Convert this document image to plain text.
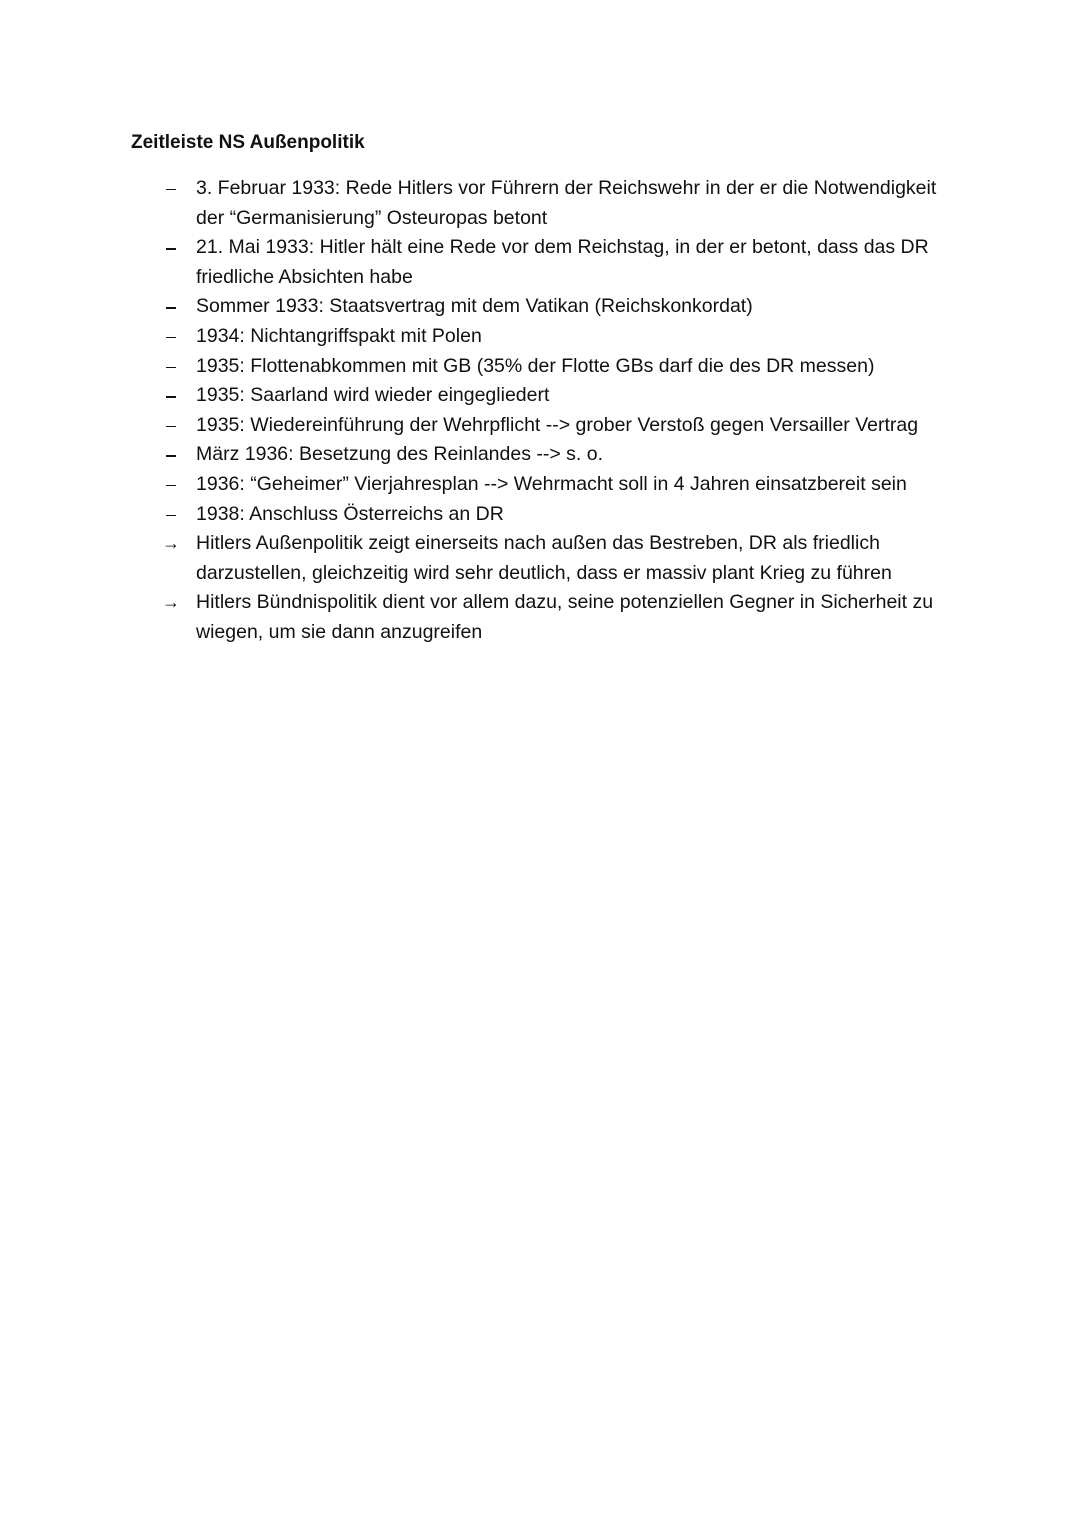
Zeitleiste NS Außenpolitik
3. Februar 1933: Rede Hitlers vor Führern der Reichswehr in der er die Notwendigkeit der “Germanisierung” Osteuropas betont
21. Mai 1933: Hitler hält eine Rede vor dem Reichstag, in der er betont, dass das DR friedliche Absichten habe
Sommer 1933: Staatsvertrag mit dem Vatikan (Reichskonkordat)
1934: Nichtangriffspakt mit Polen
1935: Flottenabkommen mit GB (35% der Flotte GBs darf die des DR messen)
1935: Saarland wird wieder eingegliedert
1935: Wiedereinführung der Wehrpflicht --> grober Verstoß gegen Versailler Vertrag
März 1936: Besetzung des Reinlandes --> s. o.
1936: “Geheimer” Vierjahresplan --> Wehrmacht soll in 4 Jahren einsatzbereit sein
1938: Anschluss Österreichs an DR
→ Hitlers Außenpolitik zeigt einerseits nach außen das Bestreben, DR als friedlich darzustellen, gleichzeitig wird sehr deutlich, dass er massiv plant Krieg zu führen
→ Hitlers Bündnispolitik dient vor allem dazu, seine potenziellen Gegner in Sicherheit zu wiegen, um sie dann anzugreifen
